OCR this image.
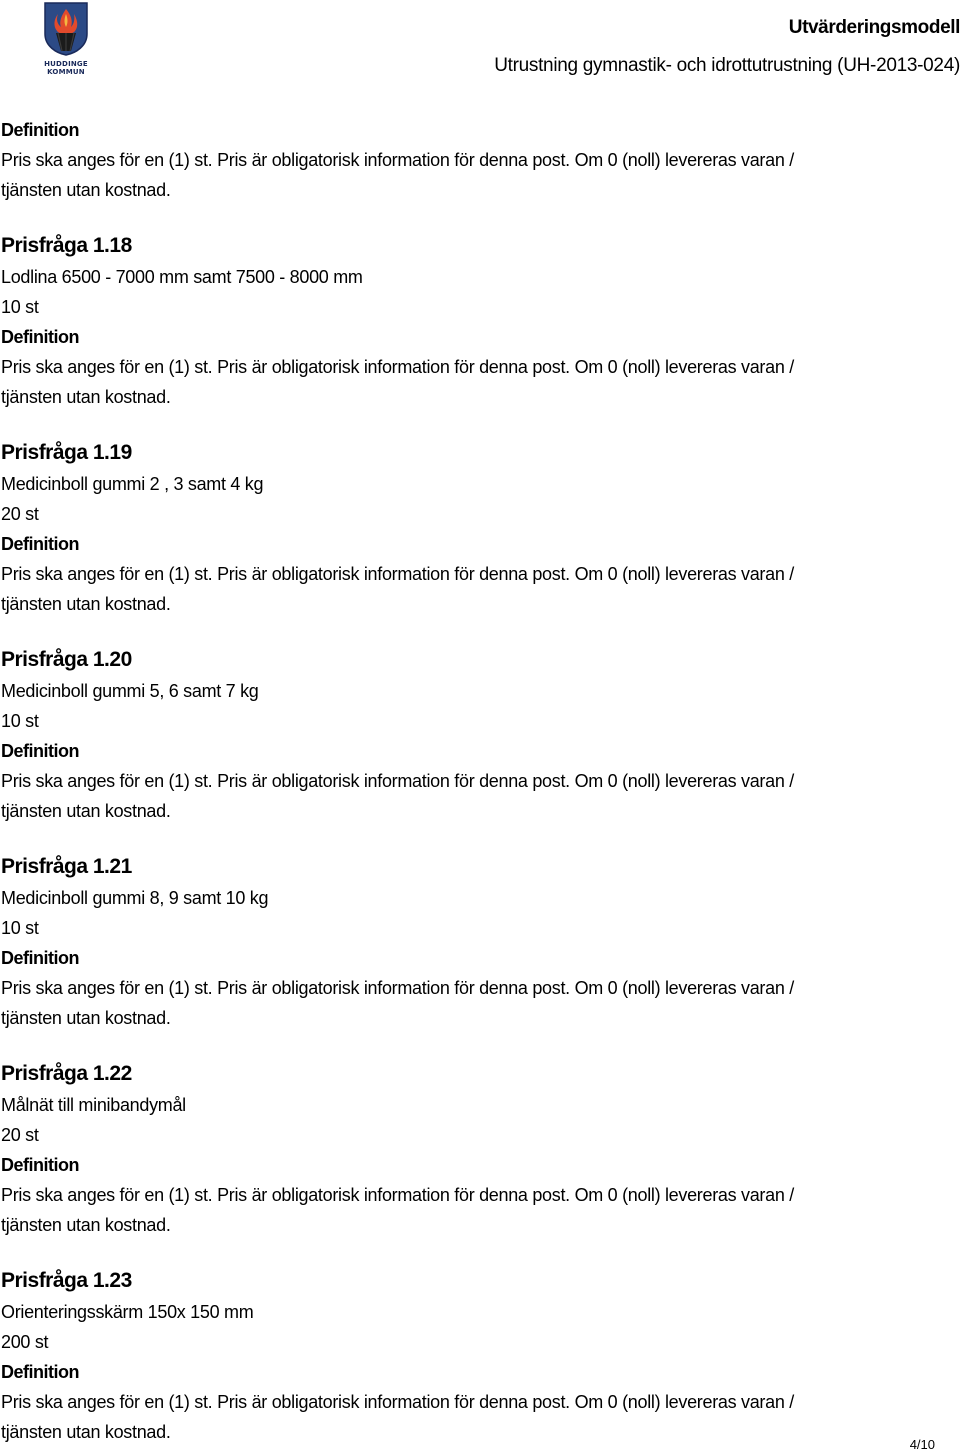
HUDDINGE
KOMMUN
Utvärderingsmodell
Utrustning gymnastik- och idrottutrustning (UH-2013-024)
Definition
Pris ska anges för en (1) st. Pris är obligatorisk information för denna post. Om 0 (noll) levereras varan /
tjänsten utan kostnad.
Prisfråga 1.18
Lodlina 6500 - 7000 mm samt 7500 - 8000 mm
10 st
Definition
Pris ska anges för en (1) st. Pris är obligatorisk information för denna post. Om 0 (noll) levereras varan /
tjänsten utan kostnad.
Prisfråga 1.19
Medicinboll gummi 2 , 3 samt 4 kg
20 st
Definition
Pris ska anges för en (1) st. Pris är obligatorisk information för denna post. Om 0 (noll) levereras varan /
tjänsten utan kostnad.
Prisfråga 1.20
Medicinboll gummi 5, 6 samt 7 kg
10 st
Definition
Pris ska anges för en (1) st. Pris är obligatorisk information för denna post. Om 0 (noll) levereras varan /
tjänsten utan kostnad.
Prisfråga 1.21
Medicinboll gummi 8, 9 samt 10 kg
10 st
Definition
Pris ska anges för en (1) st. Pris är obligatorisk information för denna post. Om 0 (noll) levereras varan /
tjänsten utan kostnad.
Prisfråga 1.22
Målnät till minibandymål
20 st
Definition
Pris ska anges för en (1) st. Pris är obligatorisk information för denna post. Om 0 (noll) levereras varan /
tjänsten utan kostnad.
Prisfråga 1.23
Orienteringsskärm 150x 150 mm
200 st
Definition
Pris ska anges för en (1) st. Pris är obligatorisk information för denna post. Om 0 (noll) levereras varan /
tjänsten utan kostnad.
4/10
